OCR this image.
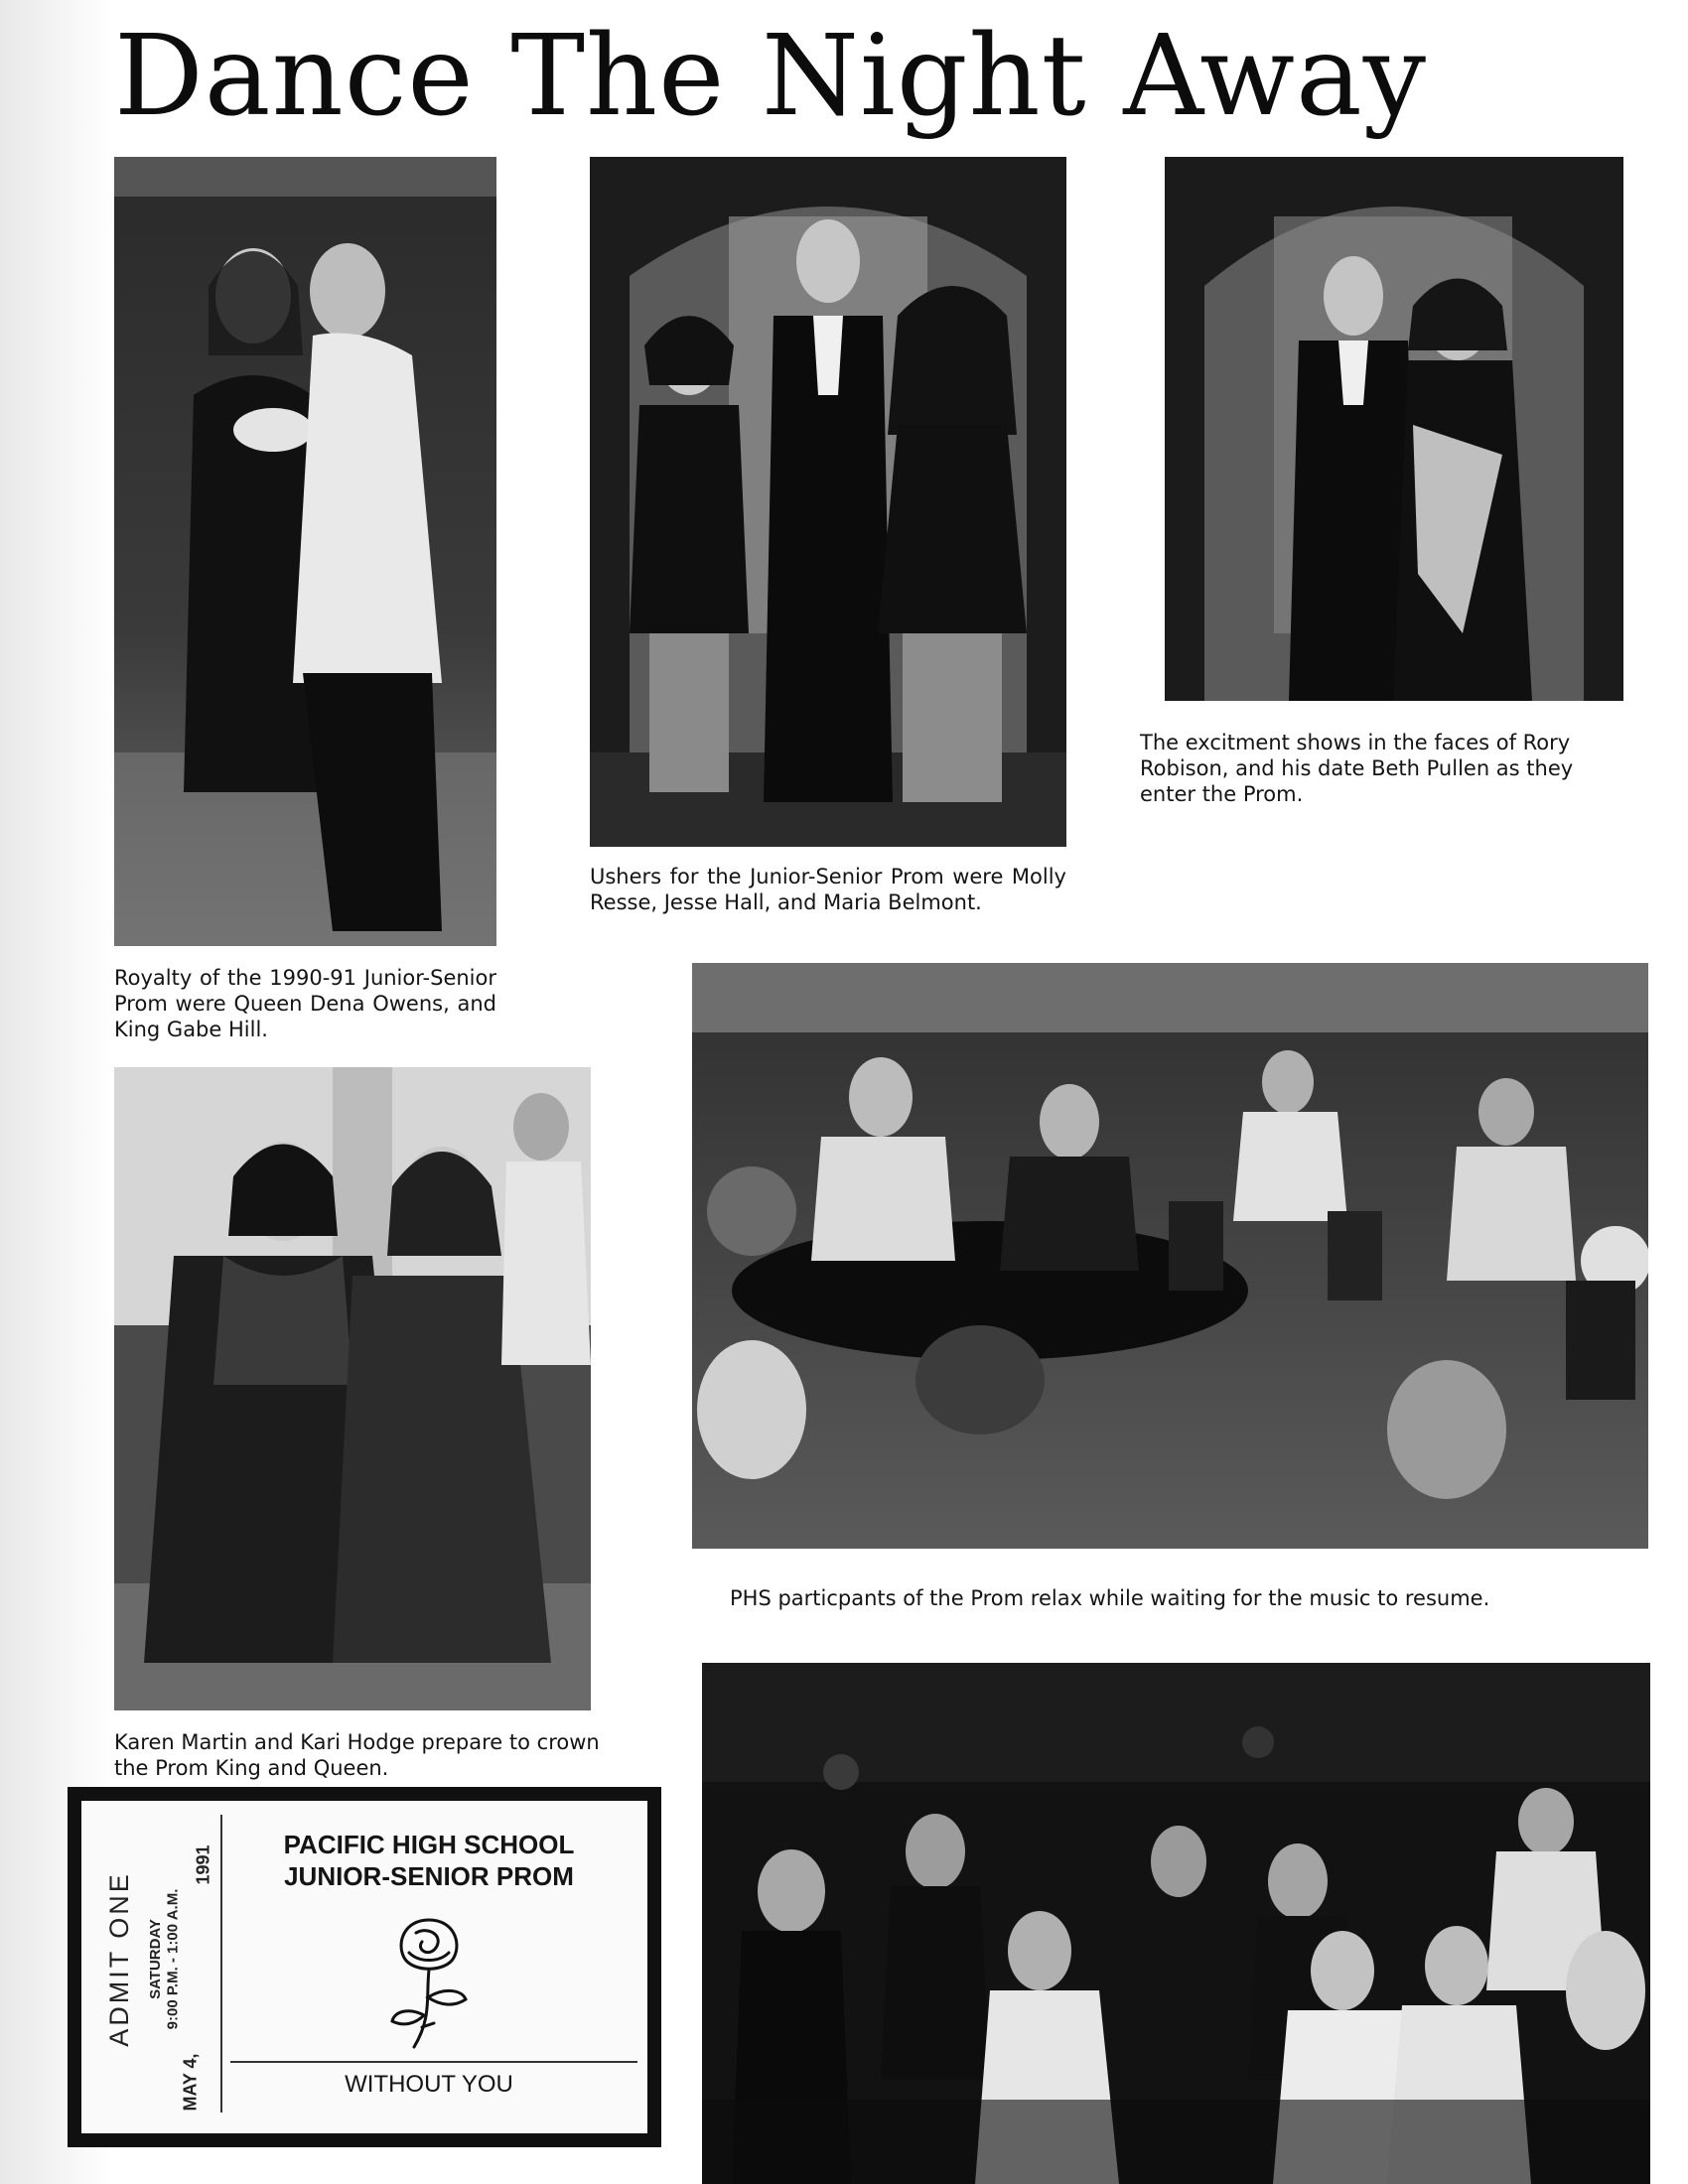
Dance The Night Away
Royalty of the 1990-91 Junior-Senior Prom were Queen Dena Owens, and King Gabe Hill.
Ushers for the Junior-Senior Prom were Molly Resse, Jesse Hall, and Maria Belmont.
The excitment shows in the faces of Rory Robison, and his date Beth Pullen as they enter the Prom.
Karen Martin and Kari Hodge prepare to crown the Prom King and Queen.
PHS particpants of the Prom relax while waiting for the music to resume.
ADMIT ONE SATURDAY 9:00 P.M. - 1:00 A.M.
MAY 4,
1991	PACIFIC HIGH SCHOOL
JUNIOR-SENIOR PROM
WITHOUT YOU
